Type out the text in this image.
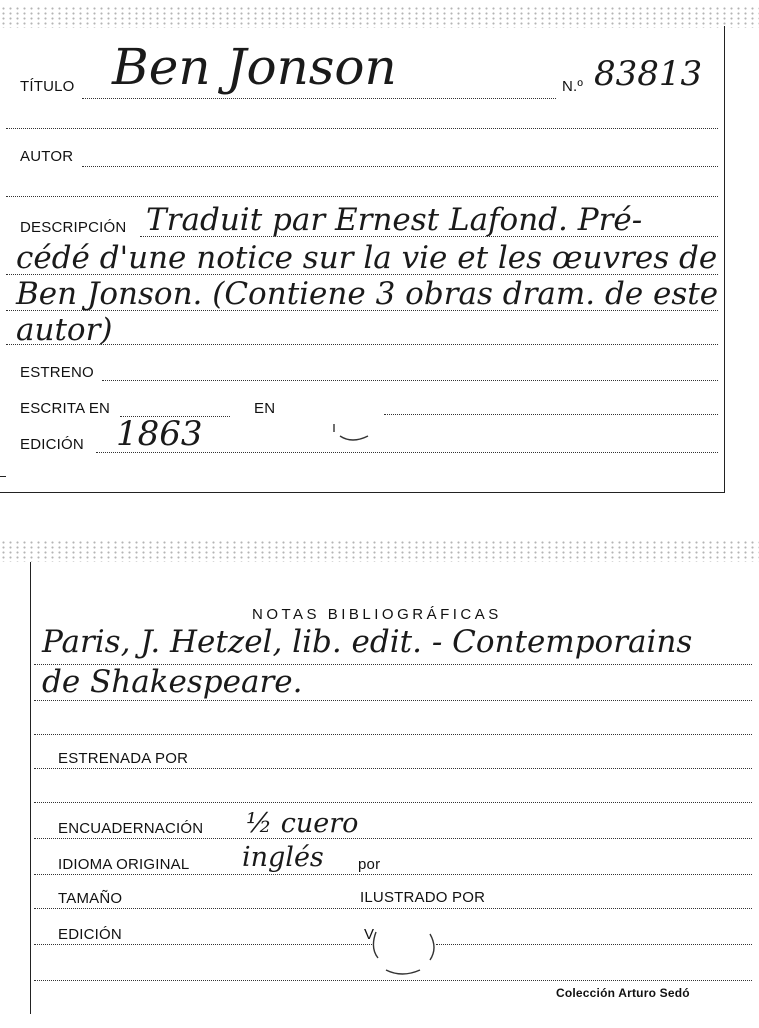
TÍTULO Ben Jonson	N.º 83813
AUTOR
DESCRIPCIÓN Traduit par Ernest Lafond. Pré-
cédé d'une notice sur la vie et les œuvres de
Ben Jonson. (Contiene 3 obras dram. de este
autor)
ESTRENO
ESCRITA EN	EN
EDICIÓN 1863
NOTAS BIBLIOGRÁFICAS
Paris, J. Hetzel, lib. edit. - Contemporains
de Shakespeare.
ESTRENADA POR
ENCUADERNACIÓN ½ cuero
IDIOMA ORIGINAL inglés por
TAMAÑO	ILUSTRADO POR
EDICIÓN	V
Colección Arturo Sedó
